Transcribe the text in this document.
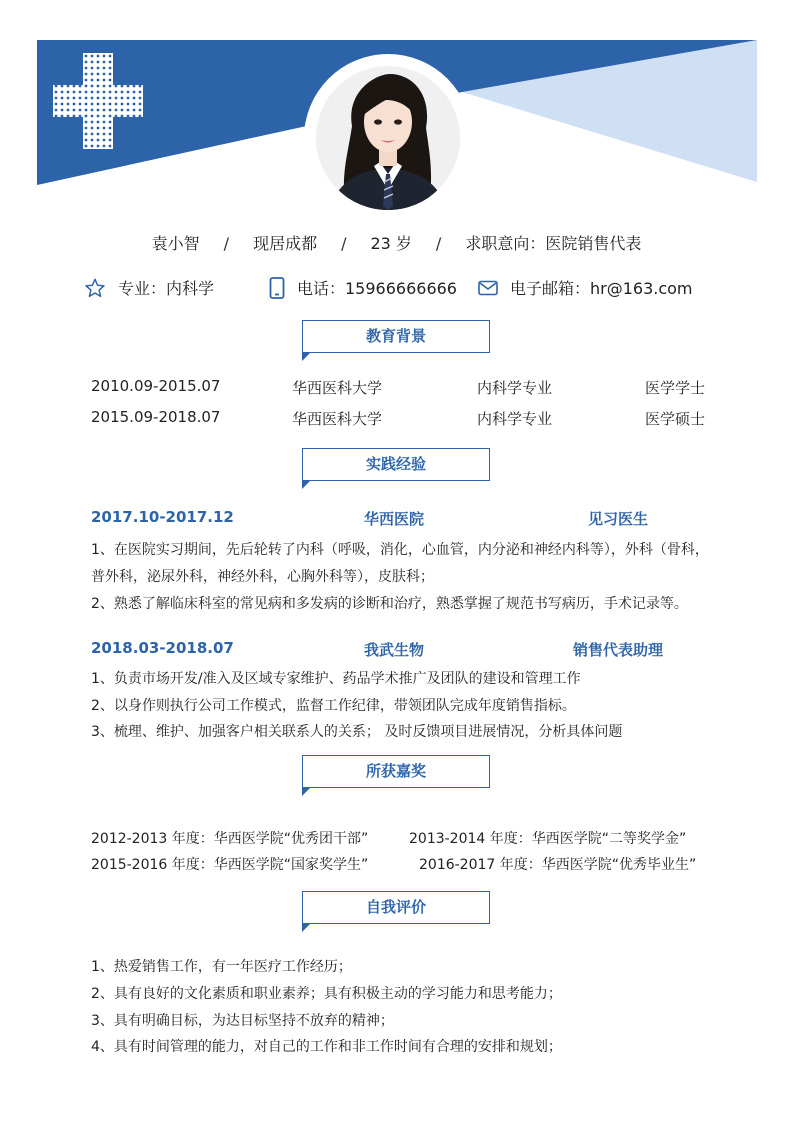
袁小智 / 现居成都 / 23 岁 / 求职意向：医院销售代表
专业：内科学	电话：15966666666	电子邮箱：hr@163.com
教育背景
2010.09-2015.07	华西医科大学	内科学专业	医学学士
2015.09-2018.07	华西医科大学	内科学专业	医学硕士
实践经验
2017.10-2017.12	华西医院	见习医生
1、在医院实习期间，先后轮转了内科（呼吸，消化，心血管，内分泌和神经内科等），外科（骨科，
普外科，泌尿外科，神经外科，心胸外科等），皮肤科；
2、熟悉了解临床科室的常见病和多发病的诊断和治疗，熟悉掌握了规范书写病历，手术记录等。
2018.03-2018.07	我武生物	销售代表助理
1、负责市场开发/准入及区域专家维护、药品学术推广及团队的建设和管理工作
2、以身作则执行公司工作模式，监督工作纪律，带领团队完成年度销售指标。
3、梳理、维护、加强客户相关联系人的关系； 及时反馈项目进展情况，分析具体问题
所获嘉奖
2012-2013 年度：华西医学院“优秀团干部”	2013-2014 年度：华西医学院“二等奖学金”
2015-2016 年度：华西医学院“国家奖学生”	2016-2017 年度：华西医学院“优秀毕业生”
自我评价
1、热爱销售工作，有一年医疗工作经历；
2、具有良好的文化素质和职业素养；具有积极主动的学习能力和思考能力；
3、具有明确目标，为达目标坚持不放弃的精神；
4、具有时间管理的能力，对自己的工作和非工作时间有合理的安排和规划；
